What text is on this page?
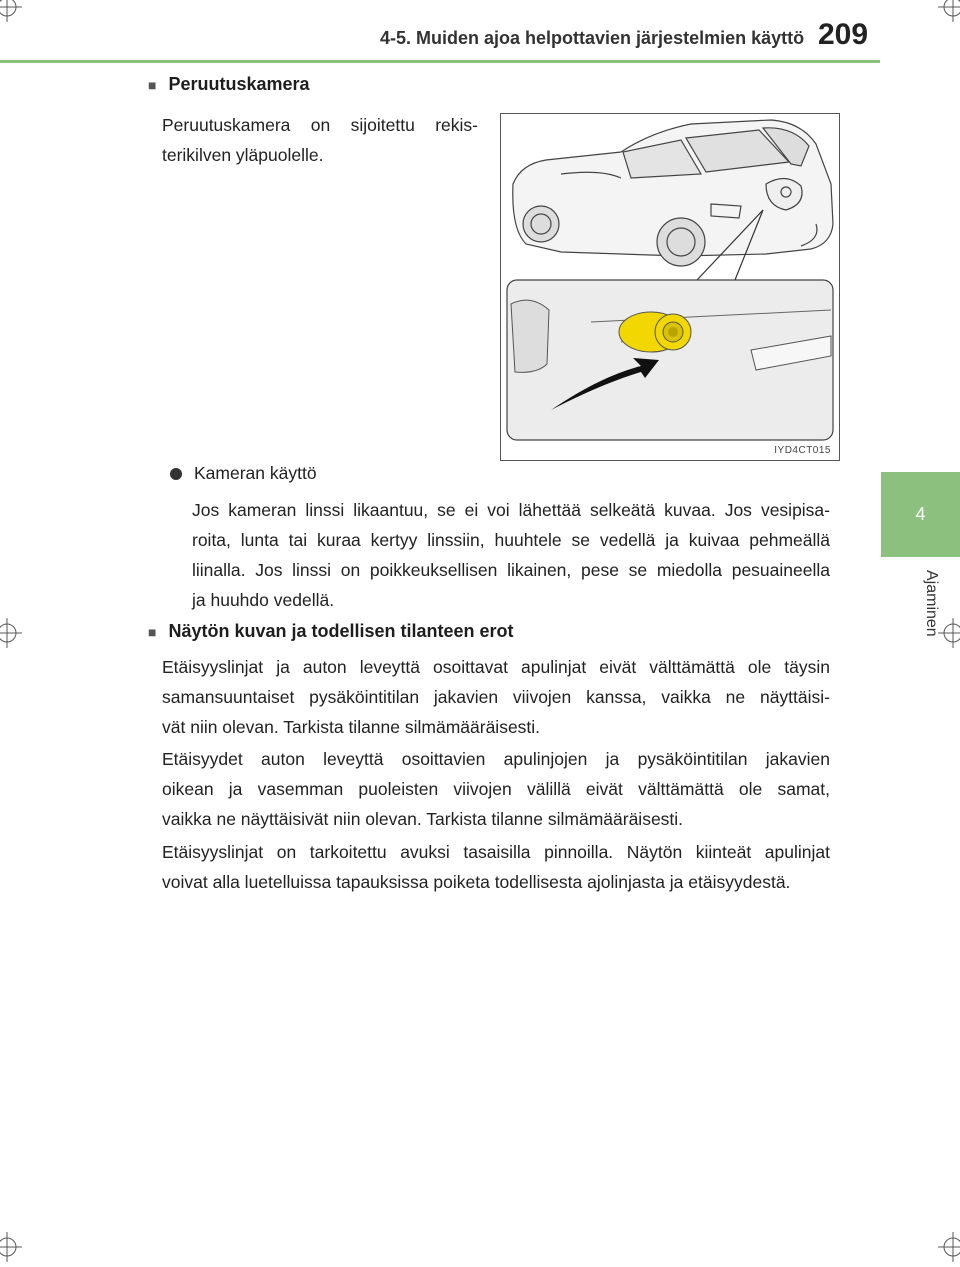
4-5. Muiden ajoa helpottavien järjestelmien käyttö 209
4
Ajaminen
■ Peruutuskamera
Peruutuskamera on sijoitettu rekis-
terikilven yläpuolelle.
IYD4CT015
Kameran käyttö
Jos kameran linssi likaantuu, se ei voi lähettää selkeätä kuvaa. Jos vesipisa-
roita, lunta tai kuraa kertyy linssiin, huuhtele se vedellä ja kuivaa pehmeällä
liinalla. Jos linssi on poikkeuksellisen likainen, pese se miedolla pesuaineella
ja huuhdo vedellä.
■ Näytön kuvan ja todellisen tilanteen erot
Etäisyyslinjat ja auton leveyttä osoittavat apulinjat eivät välttämättä ole täysin
samansuuntaiset pysäköintitilan jakavien viivojen kanssa, vaikka ne näyttäisi-
vät niin olevan. Tarkista tilanne silmämääräisesti.
Etäisyydet auton leveyttä osoittavien apulinjojen ja pysäköintitilan jakavien
oikean ja vasemman puoleisten viivojen välillä eivät välttämättä ole samat,
vaikka ne näyttäisivät niin olevan. Tarkista tilanne silmämääräisesti.
Etäisyyslinjat on tarkoitettu avuksi tasaisilla pinnoilla. Näytön kiinteät apulinjat
voivat alla luetelluissa tapauksissa poiketa todellisesta ajolinjasta ja etäisyydestä.
